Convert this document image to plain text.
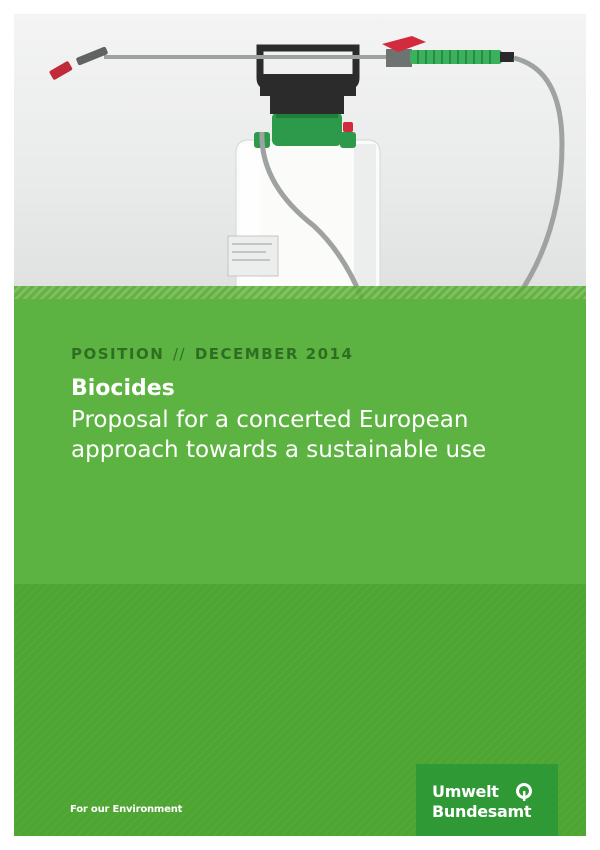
POSITION // DECEMBER 2014
Biocides
Proposal for a concerted European approach towards a sustainable use
For our Environment
Umwelt
Bundesamt
